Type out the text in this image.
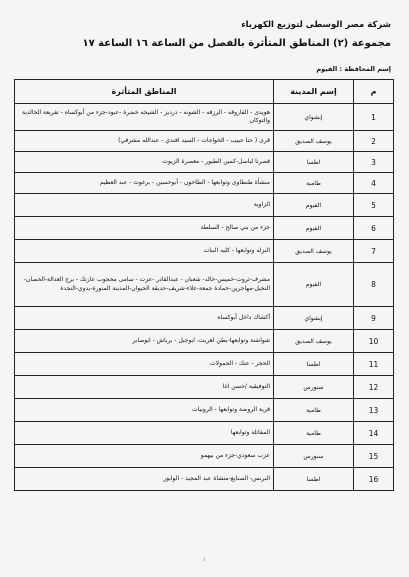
شركة مصر الوسطى لتوزيع الكهرباء
مجموعة (٢) المناطق المتأثرة بالفصل من الساعة ١٦ الساعة ١٧
إسم المحافظة : الفيوم
م	إسم المدينة	المناطق المتأثرة
1	إبشواي	هويدى - الفاروقه - الرزقه - الشونه - درديز - الشيخه خضرة -عبود-جزء من أبوكساه - تفريعة الخالدية والتوكان
2	يوسف الصديق	قرى ( حنا حبيب - الخواجات - السيد افندي - عبدالله مشرقي)
3	اطسا	قصرنا لباسل-كمين الطيور - معصرة الزيوت
4	طامية	منشأة طنطاوى وتوابعها - الطاحون - أبوحسين - برغوث - عبد العظيم
5	الفيوم	الزاوية
6	الفيوم	جزء من بني صالح - السلطة
7	يوسف الصديق	النزله وتوابعها - كليه البنات
8	الفيوم	مشرف-ثروت-خميس-خالد- شعبان - عبدالقادر -عزت - سامى محجوب عازنك - برج العدالة-الحصان-النخيل-مهاجرين-حمادة جمعة-علاء-شريف-حديقة الحيوان-المدينة المنورة-بدوي-النجدة
9	إبشواي	أكشاك داخل أبوكساه
10	يوسف الصديق	شواشنة وتوابعها-بطن اهريت، ابوجبل - برباش - ابوصابر
11	اطسا	الحجر - عنك - الحمولات
12	سنورس	التوفيقية /حسن اغا
13	طامية	قرية الروضة وتوابعها - الروبيات
14	طامية	المقاتلة وتوابعها
15	سنورس	عزب سعودي-جزء من بيهمو
16	اطسا	البرنس- الصنايع-منشاة عبد المجيد - الوابور
١
